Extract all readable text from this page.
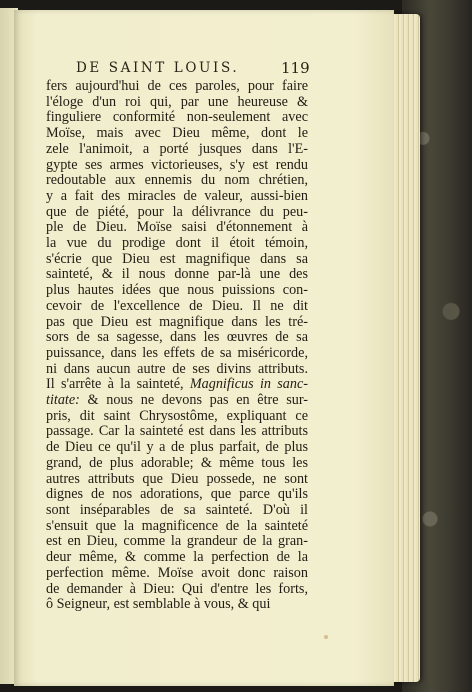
DE SAINT LOUIS.	119
fers aujourd'hui de ces paroles, pour faire
l'éloge d'un roi qui, par une heureuse &
finguliere conformité non-seulement avec
Moïse, mais avec Dieu même, dont le
zele l'animoit, a porté jusques dans l'E-
gypte ses armes victorieuses, s'y est rendu
redoutable aux ennemis du nom chrétien,
y a fait des miracles de valeur, aussi-bien
que de piété, pour la délivrance du peu-
ple de Dieu. Moïse saisi d'étonnement à
la vue du prodige dont il étoit témoin,
s'écrie que Dieu est magnifique dans sa
sainteté, & il nous donne par-là une des
plus hautes idées que nous puissions con-
cevoir de l'excellence de Dieu. Il ne dit
pas que Dieu est magnifique dans les tré-
sors de sa sagesse, dans les œuvres de sa
puissance, dans les effets de sa miséricorde,
ni dans aucun autre de ses divins attributs.
Il s'arrête à la sainteté, Magnificus in sanc-
titate: & nous ne devons pas en être sur-
pris, dit saint Chrysostôme, expliquant ce
passage. Car la sainteté est dans les attributs
de Dieu ce qu'il y a de plus parfait, de plus
grand, de plus adorable; & même tous les
autres attributs que Dieu possede, ne sont
dignes de nos adorations, que parce qu'ils
sont inséparables de sa sainteté. D'où il
s'ensuit que la magnificence de la sainteté
est en Dieu, comme la grandeur de la gran-
deur même, & comme la perfection de la
perfection même. Moïse avoit donc raison
de demander à Dieu: Qui d'entre les forts,
ô Seigneur, est semblable à vous, & qui
